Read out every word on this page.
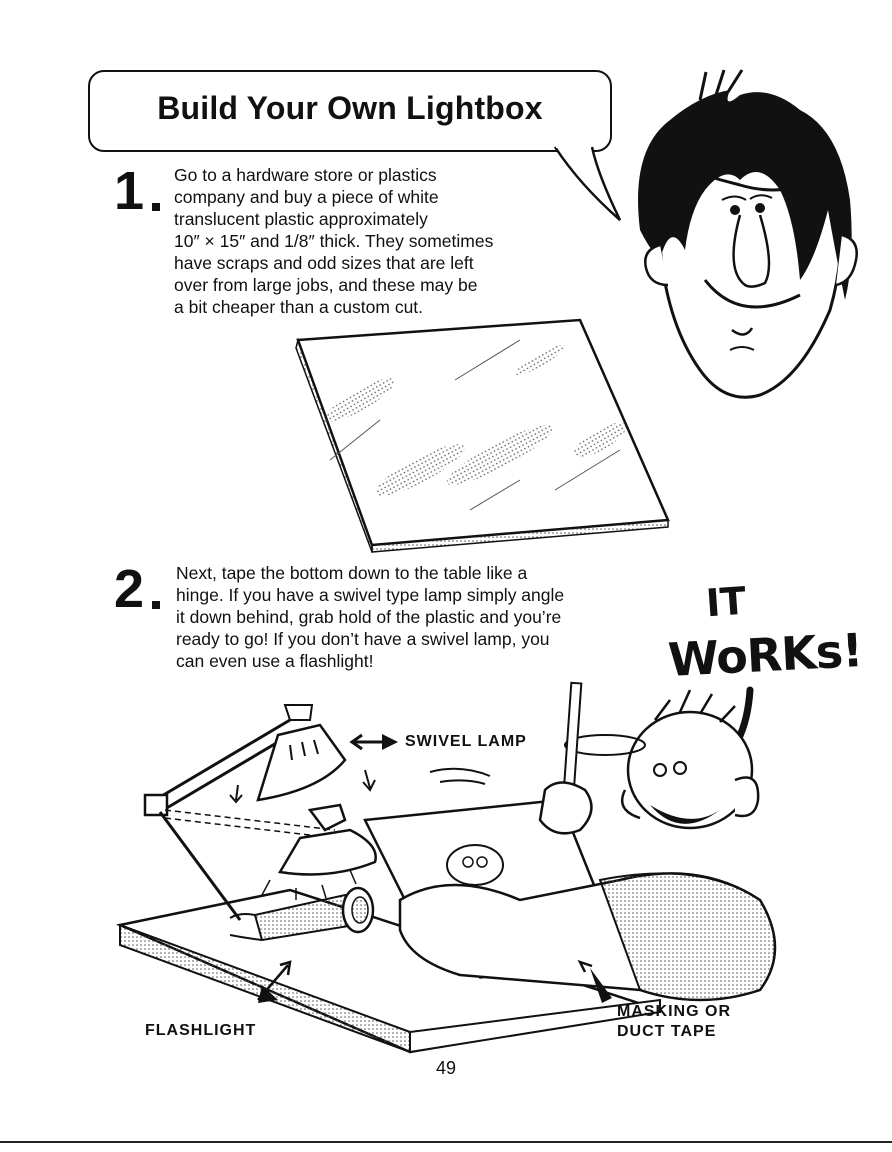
Build Your Own Lightbox
1 Go to a hardware store or plastics
company and buy a piece of white
translucent plastic approximately
10″ × 15″ and 1/8″ thick. They sometimes
have scraps and odd sizes that are left
over from large jobs, and these may be
a bit cheaper than a custom cut.
2 Next, tape the bottom down to the table like a
hinge. If you have a swivel type lamp simply angle
it down behind, grab hold of the plastic and you’re
ready to go! If you don’t have a swivel lamp, you
can even use a flashlight!
IT
WoRKs!
SWIVEL LAMP
FLASHLIGHT
MASKING OR
DUCT TAPE
49
